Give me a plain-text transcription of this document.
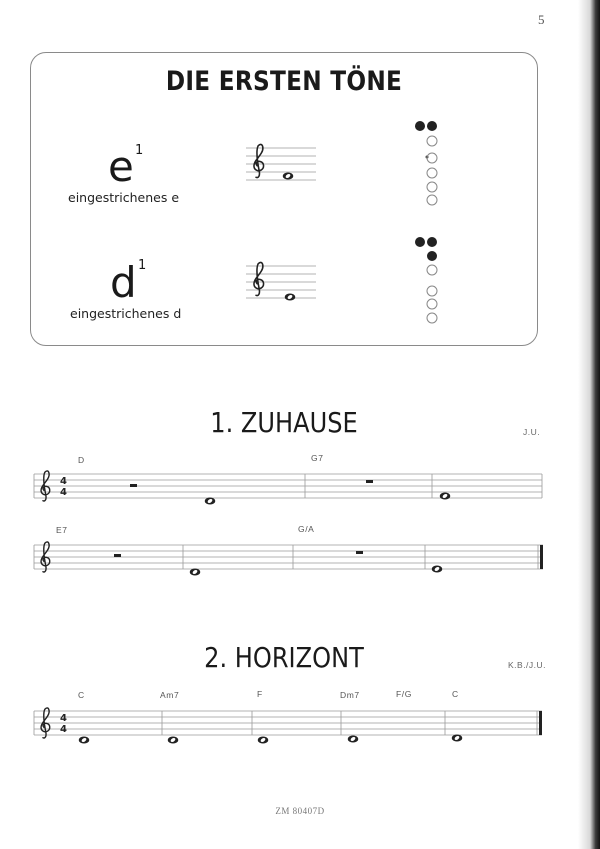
5
DIE ERSTEN TÖNE
e 1
eingestrichenes e
d 1
eingestrichenes d
1. ZUHAUSE	J.U.
2. HORIZONT	K.B./J.U.
ZM 80407D
4
4
D	G7
E7	G/A
4
4
C	Am7	F	Dm7	F/G	C
